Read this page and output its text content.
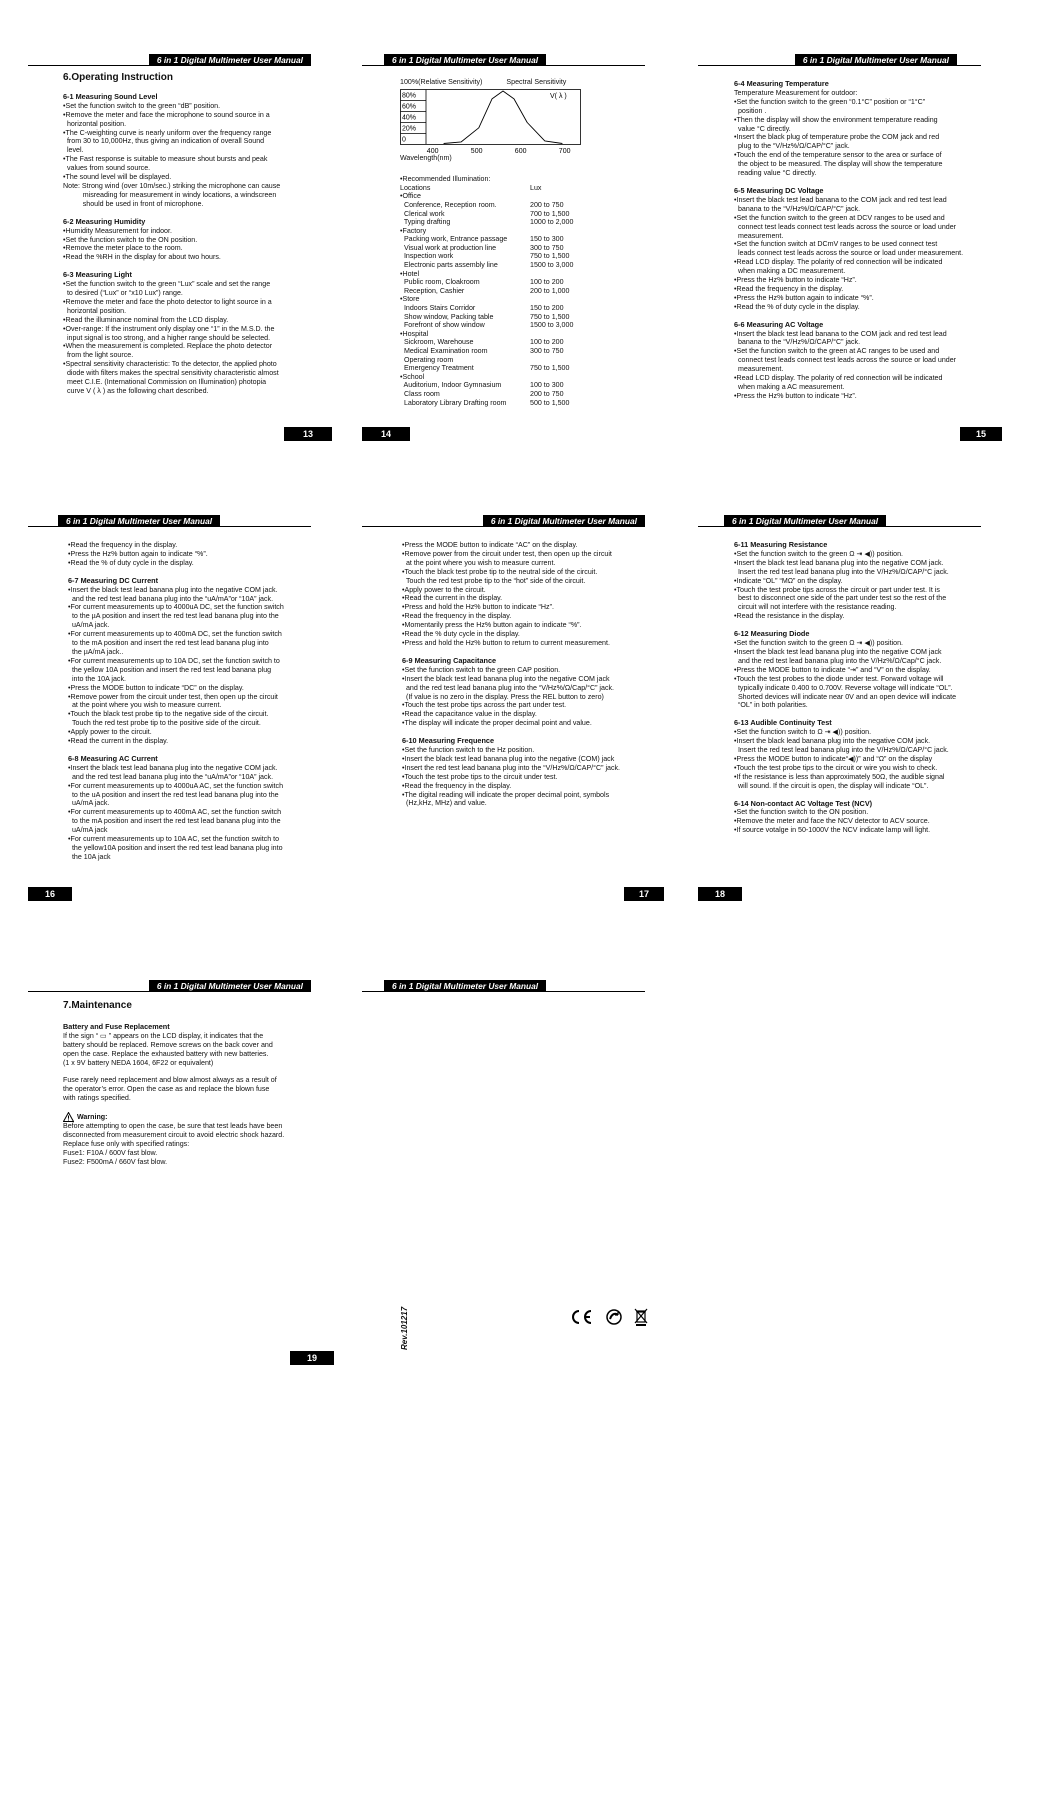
6 in 1 Digital Multimeter User Manual
6.Operating Instruction
6-1 Measuring Sound Level
•Set the function switch to the green “dB” position.
•Remove the meter and face the microphone to sound source in a
horizontal position.
•The C-weighting curve is nearly uniform over the frequency range
from 30 to 10,000Hz, thus giving an indication of overall Sound
level.
•The Fast response is suitable to measure shout bursts and peak
values from sound source.
•The sound level will be displayed.
Note: Strong wind (over 10m/sec.) striking the microphone can cause
misreading for measurement in windy locations, a windscreen
should be used in front of microphone.
6-2 Measuring Humidity
•Humidity Measurement for indoor.
•Set the function switch to the ON position.
•Remove the meter place to the room.
•Read the %RH in the display for about two hours.
6-3 Measuring Light
•Set the function switch to the green “Lux” scale and set the range
to desired (“Lux” or “x10 Lux”) range.
•Remove the meter and face the photo detector to light source in a
horizontal position.
•Read the illuminance nominal from the LCD display.
•Over-range: If the instrument only display one “1” in the M.S.D. the
input signal is too strong, and a higher range should be selected.
•When the measurement is completed. Replace the photo detector
from the light source.
•Spectral sensitivity characteristic: To the detector, the applied photo
diode with filters makes the spectral sensitivity characteristic almost
meet C.I.E. (International Commission on Illumination) photopia
curve V ( λ ) as the following chart described.
13
6 in 1 Digital Multimeter User Manual
100%(Relative Sensitivity)	Spectral Sensitivity
80%
60%
40%
20%
0
V( λ )
400	500	600	700
Wavelength(nm)
•Recommended Illumination:
Locations	Lux
•Office	
Conference, Reception room.	200 to 750
Clerical work	700 to 1,500
Typing drafting	1000 to 2,000
•Factory	
Packing work, Entrance passage	150 to 300
Visual work at production line	300 to 750
Inspection work	750 to 1,500
Electronic parts assembly line	1500 to 3,000
•Hotel	
Public room, Cloakroom	100 to 200
Reception, Cashier	200 to 1,000
•Store	
Indoors Stairs Corridor	150 to 200
Show window, Packing table	750 to 1,500
Forefront of show window	1500 to 3,000
•Hospital	
Sickroom, Warehouse	100 to 200
Medical Examination room	300 to 750
Operating room	
Emergency Treatment	750 to 1,500
•School	
Auditorium, Indoor Gymnasium	100 to 300
Class room	200 to 750
Laboratory Library Drafting room	500 to 1,500
14
6 in 1 Digital Multimeter User Manual
6-4 Measuring Temperature
Temperature Measurement for outdoor:
•Set the function switch to the green “0.1°C” position or “1°C”
position .
•Then the display will show the environment temperature reading
value °C directly.
•Insert the black plug of temperature probe the COM jack and red
plug to the “V/Hz%/Ω/CAP/°C” jack.
•Touch the end of the temperature sensor to the area or surface of
the object to be measured. The display will show the temperature
reading value °C directly.
6-5 Measuring DC Voltage
•Insert the black test lead banana to the COM jack and red test lead
banana to the “V/Hz%/Ω/CAP/°C” jack.
•Set the function switch to the green at DCV ranges to be used and
connect test leads connect test leads across the source or load under
measurement.
•Set the function switch at DCmV ranges to be used connect test
leads connect test leads across the source or load under measurement.
•Read LCD display. The polarity of red connection will be indicated
when making a DC measurement.
•Press the Hz% button to indicate “Hz”.
•Read the frequency in the display.
•Press the Hz% button again to indicate “%”.
•Read the % of duty cycle in the display.
6-6 Measuring AC Voltage
•Insert the black test lead banana to the COM jack and red test lead
banana to the “V/Hz%/Ω/CAP/°C” jack.
•Set the function switch to the green at AC ranges to be used and
connect test leads connect test leads across the source or load under
measurement.
•Read LCD display. The polarity of red connection will be indicated
when making a AC measurement.
•Press the Hz% button to indicate “Hz”.
15
6 in 1 Digital Multimeter User Manual
•Read the frequency in the display.
•Press the Hz% button again to indicate “%”.
•Read the % of duty cycle in the display.
6-7 Measuring DC Current
•Insert the black test lead banana plug into the negative COM jack.
and the red test lead banana plug into the “uA/mA”or “10A” jack.
•For current measurements up to 4000uA DC, set the function switch
to the µA position and insert the red test lead banana plug into the
uA/mA jack.
•For current measurements up to 400mA DC, set the function switch
to the mA position and insert the red test lead banana plug into
the µA/mA jack..
•For current measurements up to 10A DC, set the function switch to
the yellow 10A position and insert the red test lead banana plug
into the 10A jack.
•Press the MODE button to indicate “DC” on the display.
•Remove power from the circuit under test, then open up the circuit
at the point where you wish to measure current.
•Touch the black test probe tip to the negative side of the circuit.
Touch the red test probe tip to the positive side of the circuit.
•Apply power to the circuit.
•Read the current in the display.
6-8 Measuring AC Current
•Insert the black test lead banana plug into the negative COM jack.
and the red test lead banana plug into the “uA/mA”or “10A” jack.
•For current measurements up to 4000uA AC, set the function switch
to the uA position and insert the red test lead banana plug into the
uA/mA jack.
•For current measurements up to 400mA AC, set the function switch
to the mA position and insert the red test lead banana plug into the
uA/mA jack
•For current measurements up to 10A AC, set the function switch to
the yellow10A position and insert the red test lead banana plug into
the 10A jack
16
6 in 1 Digital Multimeter User Manual
•Press the MODE button to indicate “AC” on the display.
•Remove power from the circuit under test, then open up the circuit
at the point where you wish to measure current.
•Touch the black test probe tip to the neutral side of the circuit.
Touch the red test probe tip to the “hot” side of the circuit.
•Apply power to the circuit.
•Read the current in the display.
•Press and hold the Hz% button to indicate “Hz”.
•Read the frequency in the display.
•Momentarily press the Hz% button again to indicate “%”.
•Read the % duty cycle in the display.
•Press and hold the Hz% button to return to current measurement.
6-9 Measuring Capacitance
•Set the function switch to the green CAP position.
•Insert the black test lead banana plug into the negative COM jack
and the red test lead banana plug into the “V/Hz%/Ω/Cap/°C” jack.
(If value is no zero in the display. Press the REL button to zero)
•Touch the test probe tips across the part under test.
•Read the capacitance value in the display.
•The display will indicate the proper decimal point and value.
6-10 Measuring Frequence
•Set the function switch to the Hz position.
•Insert the black test lead banana plug into the negative (COM) jack
•Insert the red test lead banana plug into the “V/Hz%/Ω/CAP/°C” jack.
•Touch the test probe tips to the circuit under test.
•Read the frequency in the display.
•The digital reading will indicate the proper decimal point, symbols
(Hz,kHz, MHz) and value.
17
6 in 1 Digital Multimeter User Manual
6-11 Measuring Resistance
•Set the function switch to the green Ω ⇥ ◀)) position.
•Insert the black test lead banana plug into the negative COM jack.
Insert the red test lead banana plug into the V/Hz%/Ω/CAP/°C jack.
•Indicate “OL” “MΩ” on the display.
•Touch the test probe tips across the circuit or part under test. It is
best to disconnect one side of the part under test so the rest of the
circuit will not interfere with the resistance reading.
•Read the resistance in the display.
6-12 Measuring Diode
•Set the function switch to the green Ω ⇥ ◀)) position.
•Insert the black test lead banana plug into the negative COM jack
and the red test lead banana plug into the V/Hz%/Ω/Cap/°C jack.
•Press the MODE button to indicate “⇥” and “V” on the display.
•Touch the test probes to the diode under test. Forward voltage will
typically indicate 0.400 to 0.700V. Reverse voltage will indicate “OL”.
Shorted devices will indicate near 0V and an open device will indicate
“OL” in both polarities.
6-13 Audible Continuity Test
•Set the function switch to Ω ⇥ ◀)) position.
•Insert the black lead banana plug into the negative COM jack.
Insert the red test lead banana plug into the V/Hz%/Ω/CAP/°C jack.
•Press the MODE button to indicate“◀))” and “Ω” on the display
•Touch the test probe tips to the circuit or wire you wish to check.
•If the resistance is less than approximately 50Ω, the audible signal
will sound. If the circuit is open, the display will indicate “OL”.
6-14 Non-contact AC Voltage Test (NCV)
•Set the function switch to the ON position.
•Remove the meter and face the NCV detector to ACV source.
•If source votalge in 50-1000V the NCV indicate lamp will light.
18
6 in 1 Digital Multimeter User Manual
7.Maintenance
Battery and Fuse Replacement
If the sign “ ▭ ” appears on the LCD display, it indicates that the
battery should be replaced. Remove screws on the back cover and
open the case. Replace the exhausted battery with new batteries.
(1 x 9V battery NEDA 1604, 6F22 or equivalent)
Fuse rarely need replacement and blow almost always as a result of
the operator’s error. Open the case as and replace the blown fuse
with ratings specified.
Warning:
Before attempting to open the case, be sure that test leads have been
disconnected from measurement circuit to avoid electric shock hazard.
Replace fuse only with specified ratings:
Fuse1: F10A / 600V fast blow.
Fuse2: F500mA / 660V fast blow.
19
6 in 1 Digital Multimeter User Manual
Rev.101217
